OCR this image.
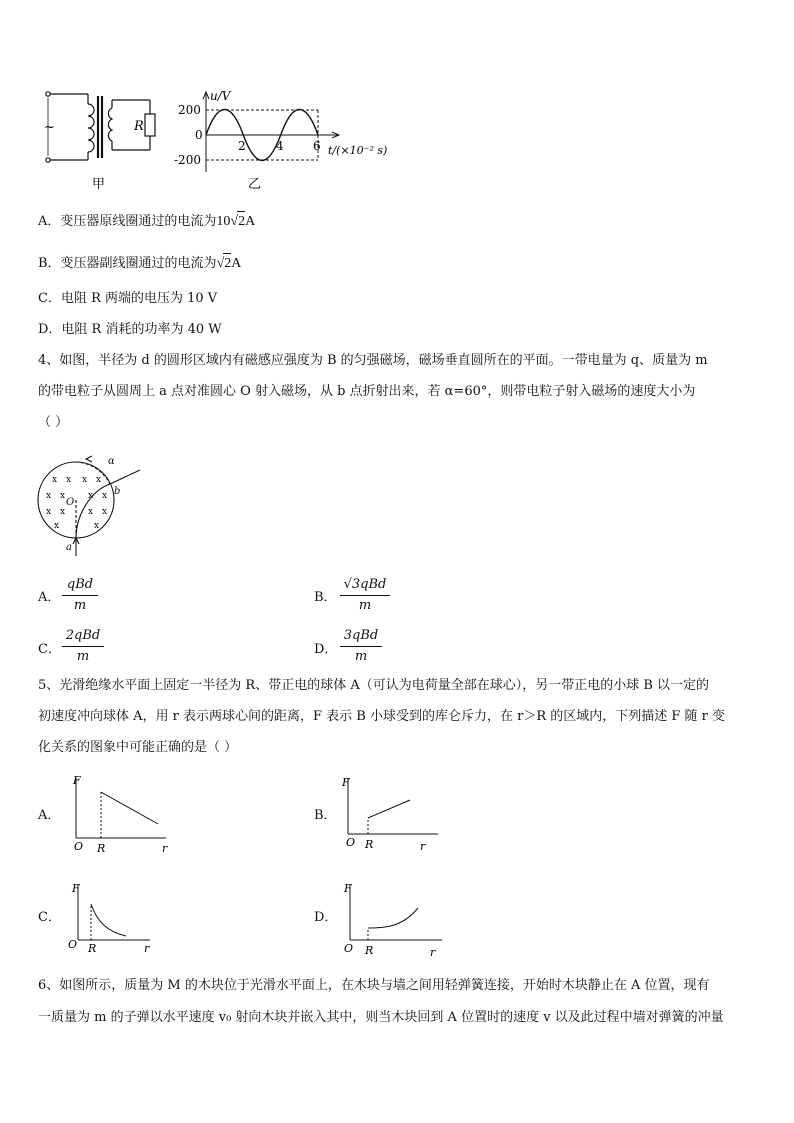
~	R
甲
u/V
200
0
-200
2	4 6 t/(×10⁻² s)
乙
A．变压器原线圈通过的电流为10√2A
B．变压器副线圈通过的电流为√2A
C．电阻 R 两端的电压为 10 V
D．电阻 R 消耗的功率为 40 W
4、如图，半径为 d 的圆形区域内有磁感应强度为 B 的匀强磁场，磁场垂直圆所在的平面。一带电量为 q、质量为 m
的带电粒子从圆周上 a 点对准圆心 O 射入磁场，从 b 点折射出来，若 α=60°，则带电粒子射入磁场的速度大小为
（ ）
x x x x
x x	x x
x x	x x
x	x
α
b
O
a
A．
qBd
m
B．
√3qBd
m
C．
2qBd
m	D．
3qBd
m
5、光滑绝缘水平面上固定一半径为 R、带正电的球体 A（可认为电荷量全部在球心），另一带正电的小球 B 以一定的
初速度冲向球体 A，用 r 表示两球心间的距离，F 表示 B 小球受到的库仑斥力，在 r＞R 的区域内，下列描述 F 随 r 变
化关系的图象中可能正确的是（ ）
A．
F
O R	r
B．
F
O R	r
C．
F
O R	r
D．
F
O R	r
6、如图所示，质量为 M 的木块位于光滑水平面上，在木块与墙之间用轻弹簧连接，开始时木块静止在 A 位置，现有
一质量为 m 的子弹以水平速度 v₀ 射向木块并嵌入其中，则当木块回到 A 位置时的速度 v 以及此过程中墙对弹簧的冲量
